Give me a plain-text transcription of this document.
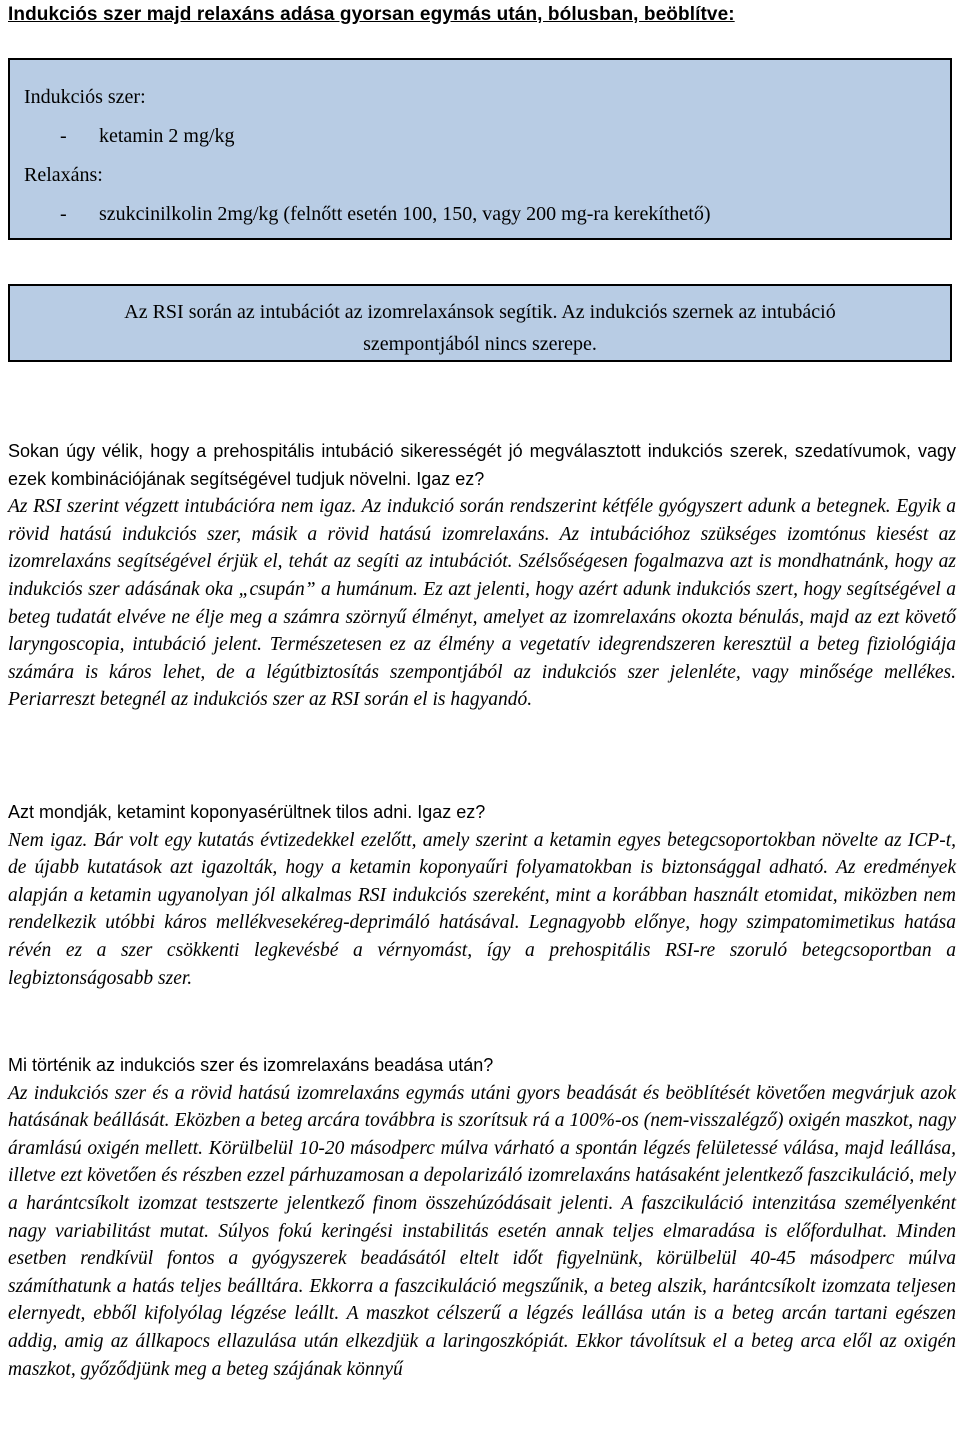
Indukciós szer majd relaxáns adása gyorsan egymás után, bólusban, beöblítve:
Indukciós szer:
- ketamin 2 mg/kg
Relaxáns:
- szukcinilkolin 2mg/kg (felnőtt esetén 100, 150, vagy 200 mg-ra kerekíthető)
Az RSI során az intubációt az izomrelaxánsok segítik. Az indukciós szernek az intubáció
szempontjából nincs szerepe.

Sokan úgy vélik, hogy a prehospitális intubáció sikerességét jó megválasztott indukciós szerek, szedatívumok, vagy ezek kombinációjának segítségével tudjuk növelni. Igaz ez?

Az RSI szerint végzett intubációra nem igaz. Az indukció során rendszerint kétféle gyógyszert adunk a betegnek. Egyik a rövid hatású indukciós szer, másik a rövid hatású izomrelaxáns. Az intubációhoz szükséges izomtónus kiesést az izomrelaxáns segítségével érjük el, tehát az segíti az intubációt. Szélsőségesen fogalmazva azt is mondhatnánk, hogy az indukciós szer adásának oka „csupán” a humánum. Ez azt jelenti, hogy azért adunk indukciós szert, hogy segítségével a beteg tudatát elvéve ne élje meg a számra szörnyű élményt, amelyet az izomrelaxáns okozta bénulás, majd az ezt követő laryngoscopia, intubáció jelent. Természetesen ez az élmény a vegetatív idegrendszeren keresztül a beteg fiziológiája számára is káros lehet, de a légútbiztosítás szempontjából az indukciós szer jelenléte, vagy minősége mellékes. Periarreszt betegnél az indukciós szer az RSI során el is hagyandó.

Azt mondják, ketamint koponyasérültnek tilos adni. Igaz ez?

Nem igaz. Bár volt egy kutatás évtizedekkel ezelőtt, amely szerint a ketamin egyes betegcsoportokban növelte az ICP-t, de újabb kutatások azt igazolták, hogy a ketamin koponyaűri folyamatokban is biztonsággal adható. Az eredmények alapján a ketamin ugyanolyan jól alkalmas RSI indukciós szereként, mint a korábban használt etomidat, miközben nem rendelkezik utóbbi káros mellékvesekéreg-deprimáló hatásával. Legnagyobb előnye, hogy szimpatomimetikus hatása révén ez a szer csökkenti legkevésbé a vérnyomást, így a prehospitális RSI-re szoruló betegcsoportban a legbiztonságosabb szer.

Mi történik az indukciós szer és izomrelaxáns beadása után?

Az indukciós szer és a rövid hatású izomrelaxáns egymás utáni gyors beadását és beöblítését követően megvárjuk azok hatásának beállását. Eközben a beteg arcára továbbra is szorítsuk rá a 100%-os (nem-visszalégző) oxigén maszkot, nagy áramlású oxigén mellett. Körülbelül 10-20 másodperc múlva várható a spontán légzés felületessé válása, majd leállása, illetve ezt követően és részben ezzel párhuzamosan a depolarizáló izomrelaxáns hatásaként jelentkező faszcikuláció, mely a harántcsíkolt izomzat testszerte jelentkező finom összehúzódásait jelenti. A faszcikuláció intenzitása személyenként nagy variabilitást mutat. Súlyos fokú keringési instabilitás esetén annak teljes elmaradása is előfordulhat. Minden esetben rendkívül fontos a gyógyszerek beadásától eltelt időt figyelnünk, körülbelül 40-45 másodperc múlva számíthatunk a hatás teljes beálltára. Ekkorra a faszcikuláció megszűnik, a beteg alszik, harántcsíkolt izomzata teljesen elernyedt, ebből kifolyólag légzése leállt. A maszkot célszerű a légzés leállása után is a beteg arcán tartani egészen addig, amig az állkapocs ellazulása után elkezdjük a laringoszkópiát. Ekkor távolítsuk el a beteg arca elől az oxigén maszkot, győződjünk meg a beteg szájának könnyű
